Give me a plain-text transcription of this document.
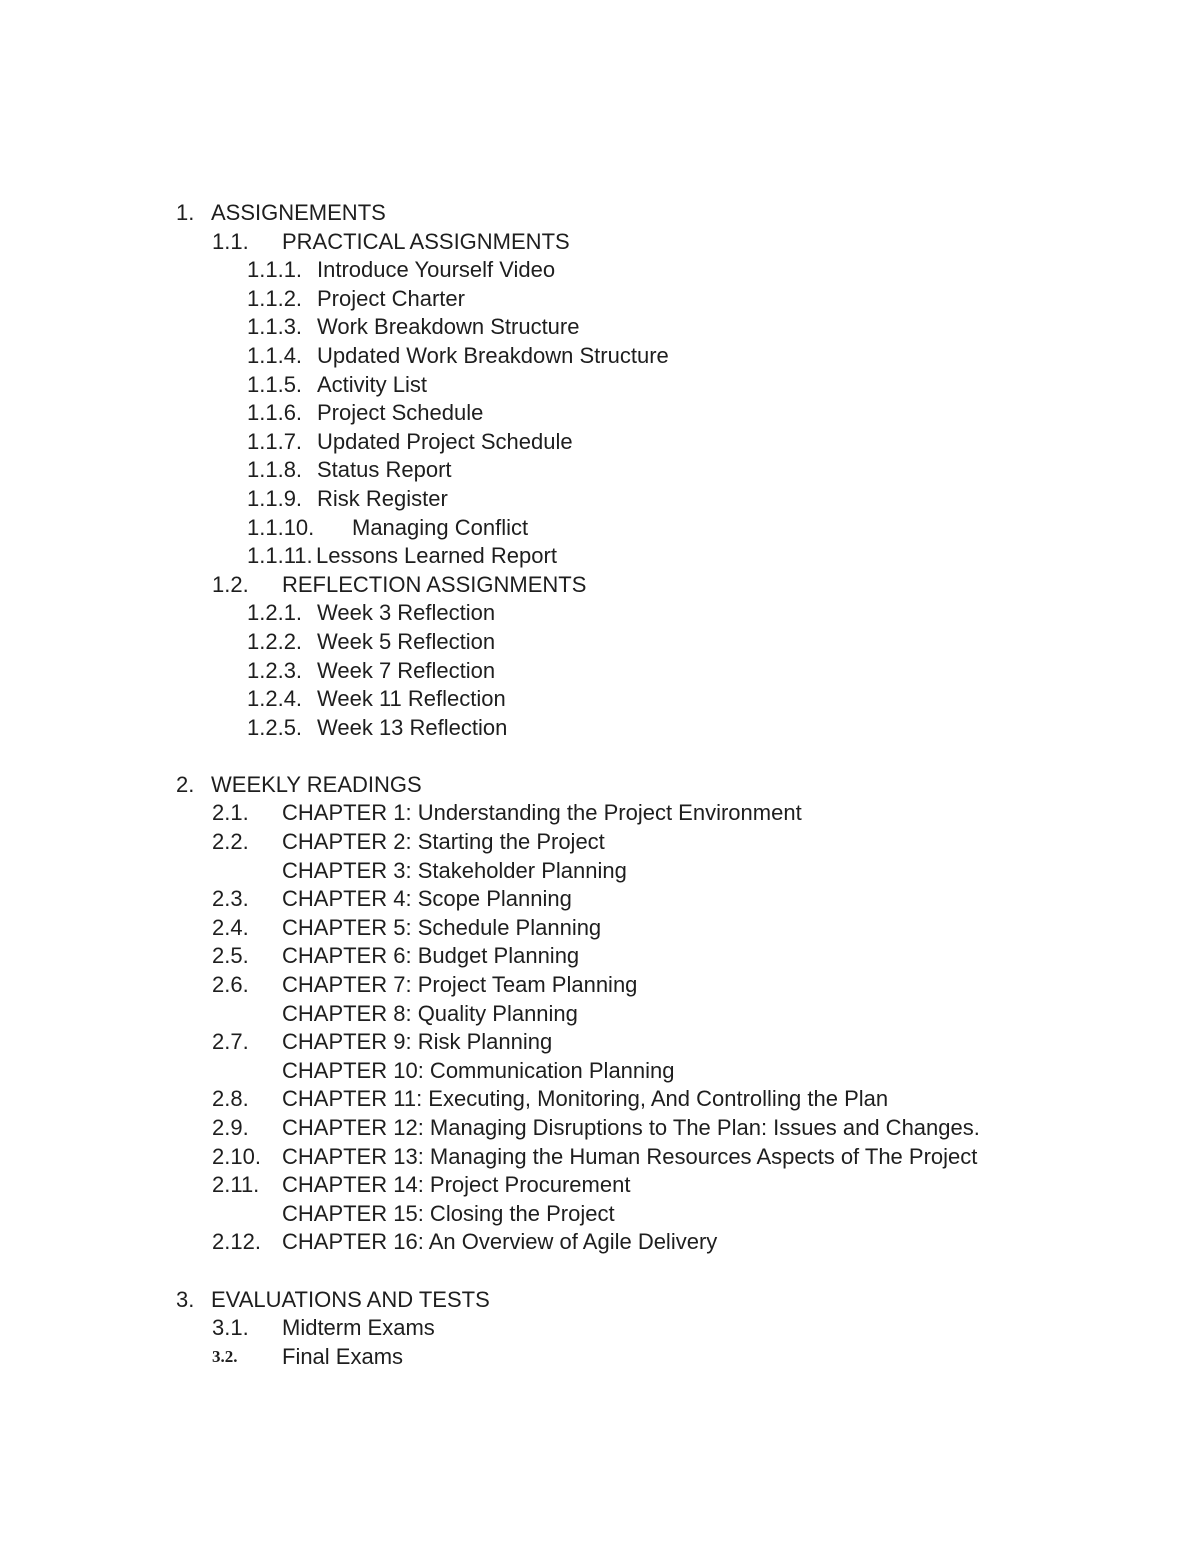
1. ASSIGNEMENTS
1.1. PRACTICAL ASSIGNMENTS
1.1.1. Introduce Yourself Video
1.1.2. Project Charter
1.1.3. Work Breakdown Structure
1.1.4. Updated Work Breakdown Structure
1.1.5. Activity List
1.1.6. Project Schedule
1.1.7. Updated Project Schedule
1.1.8. Status Report
1.1.9. Risk Register
1.1.10. Managing Conflict
1.1.11. Lessons Learned Report
1.2. REFLECTION ASSIGNMENTS
1.2.1. Week 3 Reflection
1.2.2. Week 5 Reflection
1.2.3. Week 7 Reflection
1.2.4. Week 11 Reflection
1.2.5. Week 13 Reflection
2. WEEKLY READINGS
2.1. CHAPTER 1: Understanding the Project Environment
2.2. CHAPTER 2: Starting the Project
CHAPTER 3: Stakeholder Planning
2.3. CHAPTER 4: Scope Planning
2.4. CHAPTER 5: Schedule Planning
2.5. CHAPTER 6: Budget Planning
2.6. CHAPTER 7: Project Team Planning
CHAPTER 8: Quality Planning
2.7. CHAPTER 9: Risk Planning
CHAPTER 10: Communication Planning
2.8. CHAPTER 11: Executing, Monitoring, And Controlling the Plan
2.9. CHAPTER 12: Managing Disruptions to The Plan: Issues and Changes.
2.10. CHAPTER 13: Managing the Human Resources Aspects of The Project
2.11. CHAPTER 14: Project Procurement
CHAPTER 15: Closing the Project
2.12. CHAPTER 16: An Overview of Agile Delivery
3. EVALUATIONS AND TESTS
3.1. Midterm Exams
3.2. Final Exams
